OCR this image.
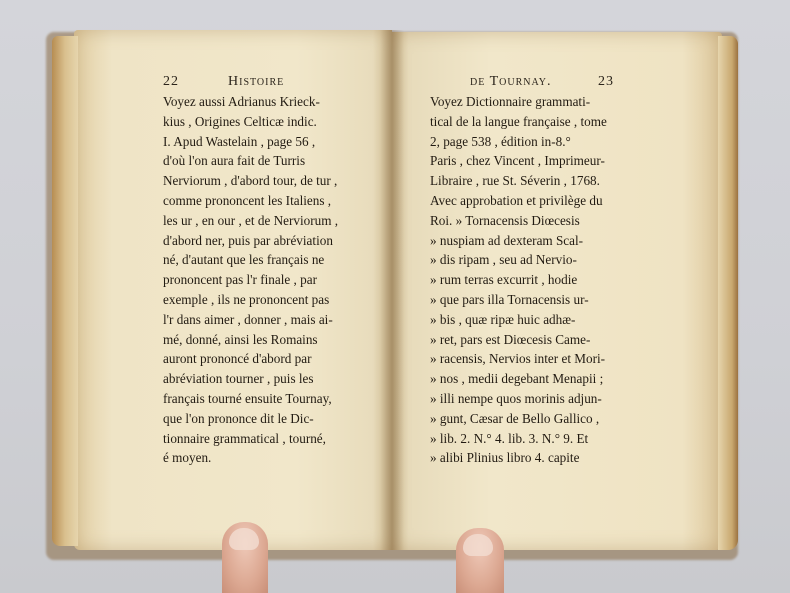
22	Histoire	de Tournay.	23
Voyez aussi Adrianus Krieck-
kius , Origines Celticæ indic.
I. Apud Wastelain , page 56 ,
d'où l'on aura fait de Turris
Nerviorum , d'abord tour, de tur ,
comme prononcent les Italiens ,
les ur , en our , et de Nerviorum ,
d'abord ner, puis par abréviation
né, d'autant que les français ne
prononcent pas l'r finale , par
exemple , ils ne prononcent pas
l'r dans aimer , donner , mais ai-
mé, donné, ainsi les Romains
auront prononcé d'abord par
abréviation tourner , puis les
français tourné ensuite Tournay,
que l'on prononce dit le Dic-
tionnaire grammatical , tourné,
é moyen.
Voyez Dictionnaire grammati-
tical de la langue française , tome
2, page 538 , édition in-8.°
Paris , chez Vincent , Imprimeur-
Libraire , rue St. Séverin , 1768.
Avec approbation et privilège du
Roi. » Tornacensis Diœcesis
» nuspiam ad dexteram Scal-
» dis ripam , seu ad Nervio-
» rum terras excurrit , hodie
» que pars illa Tornacensis ur-
» bis , quæ ripæ huic adhæ-
» ret, pars est Diœcesis Came-
» racensis, Nervios inter et Mori-
» nos , medii degebant Menapii ;
» illi nempe quos morinis adjun-
» gunt, Cæsar de Bello Gallico ,
» lib. 2. N.° 4. lib. 3. N.° 9. Et
» alibi Plinius libro 4. capite
